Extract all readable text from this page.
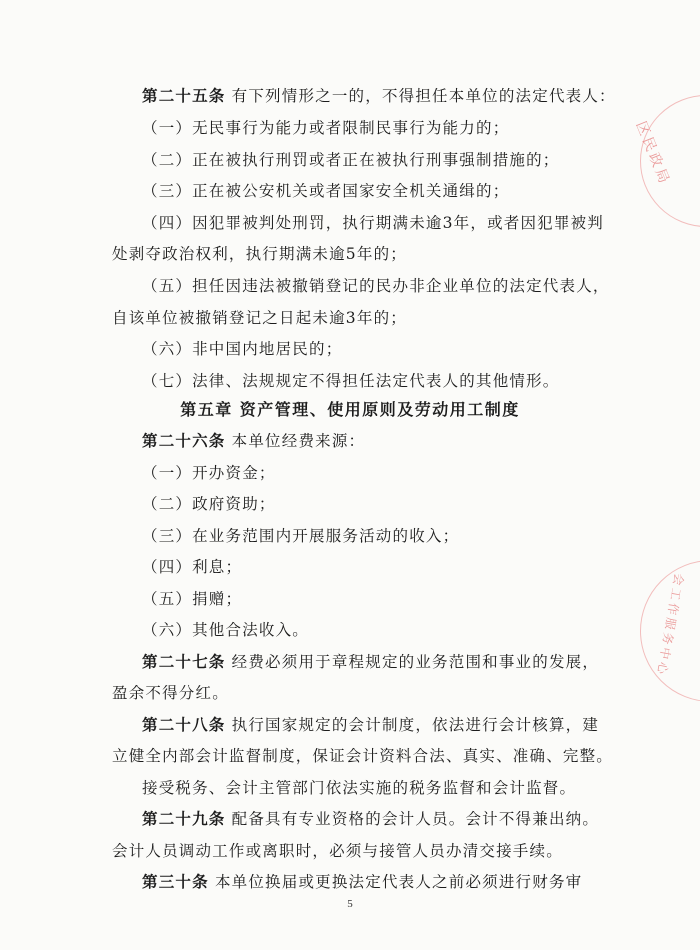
第二十五条 有下列情形之一的，不得担任本单位的法定代表人：
（一）无民事行为能力或者限制民事行为能力的；
（二）正在被执行刑罚或者正在被执行刑事强制措施的；
（三）正在被公安机关或者国家安全机关通缉的；
（四）因犯罪被判处刑罚，执行期满未逾3年，或者因犯罪被判
处剥夺政治权利，执行期满未逾5年的；
（五）担任因违法被撤销登记的民办非企业单位的法定代表人，
自该单位被撤销登记之日起未逾3年的；
（六）非中国内地居民的；
（七）法律、法规规定不得担任法定代表人的其他情形。
第五章 资产管理、使用原则及劳动用工制度
第二十六条 本单位经费来源：
（一）开办资金；
（二）政府资助；
（三）在业务范围内开展服务活动的收入；
（四）利息；
（五）捐赠；
（六）其他合法收入。
第二十七条 经费必须用于章程规定的业务范围和事业的发展，
盈余不得分红。
第二十八条 执行国家规定的会计制度，依法进行会计核算，建
立健全内部会计监督制度，保证会计资料合法、真实、准确、完整。
接受税务、会计主管部门依法实施的税务监督和会计监督。
第二十九条 配备具有专业资格的会计人员。会计不得兼出纳。
会计人员调动工作或离职时，必须与接管人员办清交接手续。
第三十条 本单位换届或更换法定代表人之前必须进行财务审
5
区民政局
会工作服务中心
